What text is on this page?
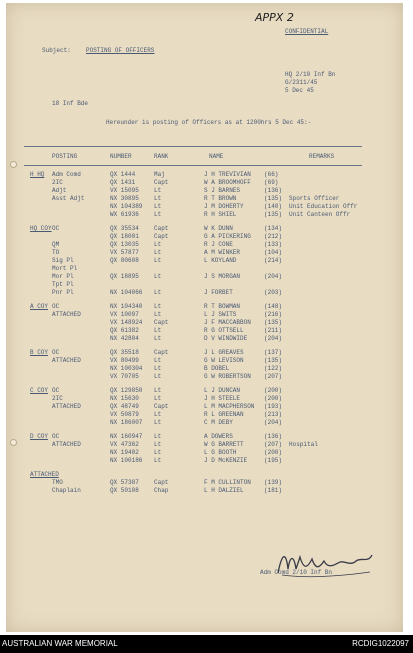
APPX 2
CONFIDENTIAL
Subject:	POSTING OF OFFICERS
HQ 2/10 Inf Bn
G/2311/45
5 Dec 45
18 Inf Bde
Hereunder is posting of Officers as at 1200hrs 5 Dec 45:-
POSTING	NUMBER	RANK	NAME	REMARKS
H HQ Adm Comd	QX 1444	Maj	J H TREVIVIAN (66)
2IC	QX 1431	Capt	W A BROOMHOFF (69)
Adjt	VX 15095	Lt	S J BARNES	(136)
Asst Adjt	NX 30895	Lt	R T BROWN	(135) Sports Officer
NX 104389 Lt	J M DOHERTY	(140) Unit Education Offr
WX 61936	Lt	R H SHIEL	(135) Unit Canteen Offr
HQ COY OC	QX 35534	Capt	W K DUNN	(134)
QX 18001	Capt	G A PICKERING (212)
QM	QX 13035	Lt	R J CONE	(133)
TO	VX 57877	Lt	A M WINKER	(104)
Sig Pl	QX 80608	Lt	L KOYLAND	(214)
Mort Pl
Mor Pl	QX 18895	Lt	J S MORGAN	(204)
Tpt Pl
Pnr Pl	NX 104066 Lt	J FORBET	(203)
A COY OC	NX 104340 Lt	R T BOWMAN	(148)
ATTACHED	VX 10097	Lt	L J SWITS	(216)
VX 148924 Capt	J F MACCABBON (135)
QX 61382	Lt	R G OTTSELL	(211)
NX 42804	Lt	D V WINDWIDE	(204)
B COY OC	QX 35518	Capt	J L GREAVES	(137)
ATTACHED	VX 80499	Lt	G W LEVISON	(135)
NX 100304 Lt	B DOBEL	(122)
VX 70705	Lt	G W ROBERTSON (207)
C COY OC	QX 129850 Lt	L J DUNCAN	(200)
2IC	NX 15630	Lt	J H STEELE	(200)
ATTACHED	QX 48749	Capt	L M MACPHERSON (193)
VX 50879	Lt	R L GREENAN	(213)
NX 186007 Lt	C M DEBY	(204)
D COY OC	NX 160947 Lt	A DOWERS	(136)
ATTACHED	VX 47362	Lt	W G BARRETT	(207) Hospital
NX 19402	Lt	L G BOOTH	(200)
NX 100186 Lt	J D McKENZIE	(195)
ATTACHED
TMO	QX 57387	Capt	F M CULLINTON (139)
Chaplain	QX 50108	Chap	L H DALZIEL	(181)
Adm Comd 2/10 Inf Bn
AUSTRALIAN WAR MEMORIAL	RCDIG1022097
